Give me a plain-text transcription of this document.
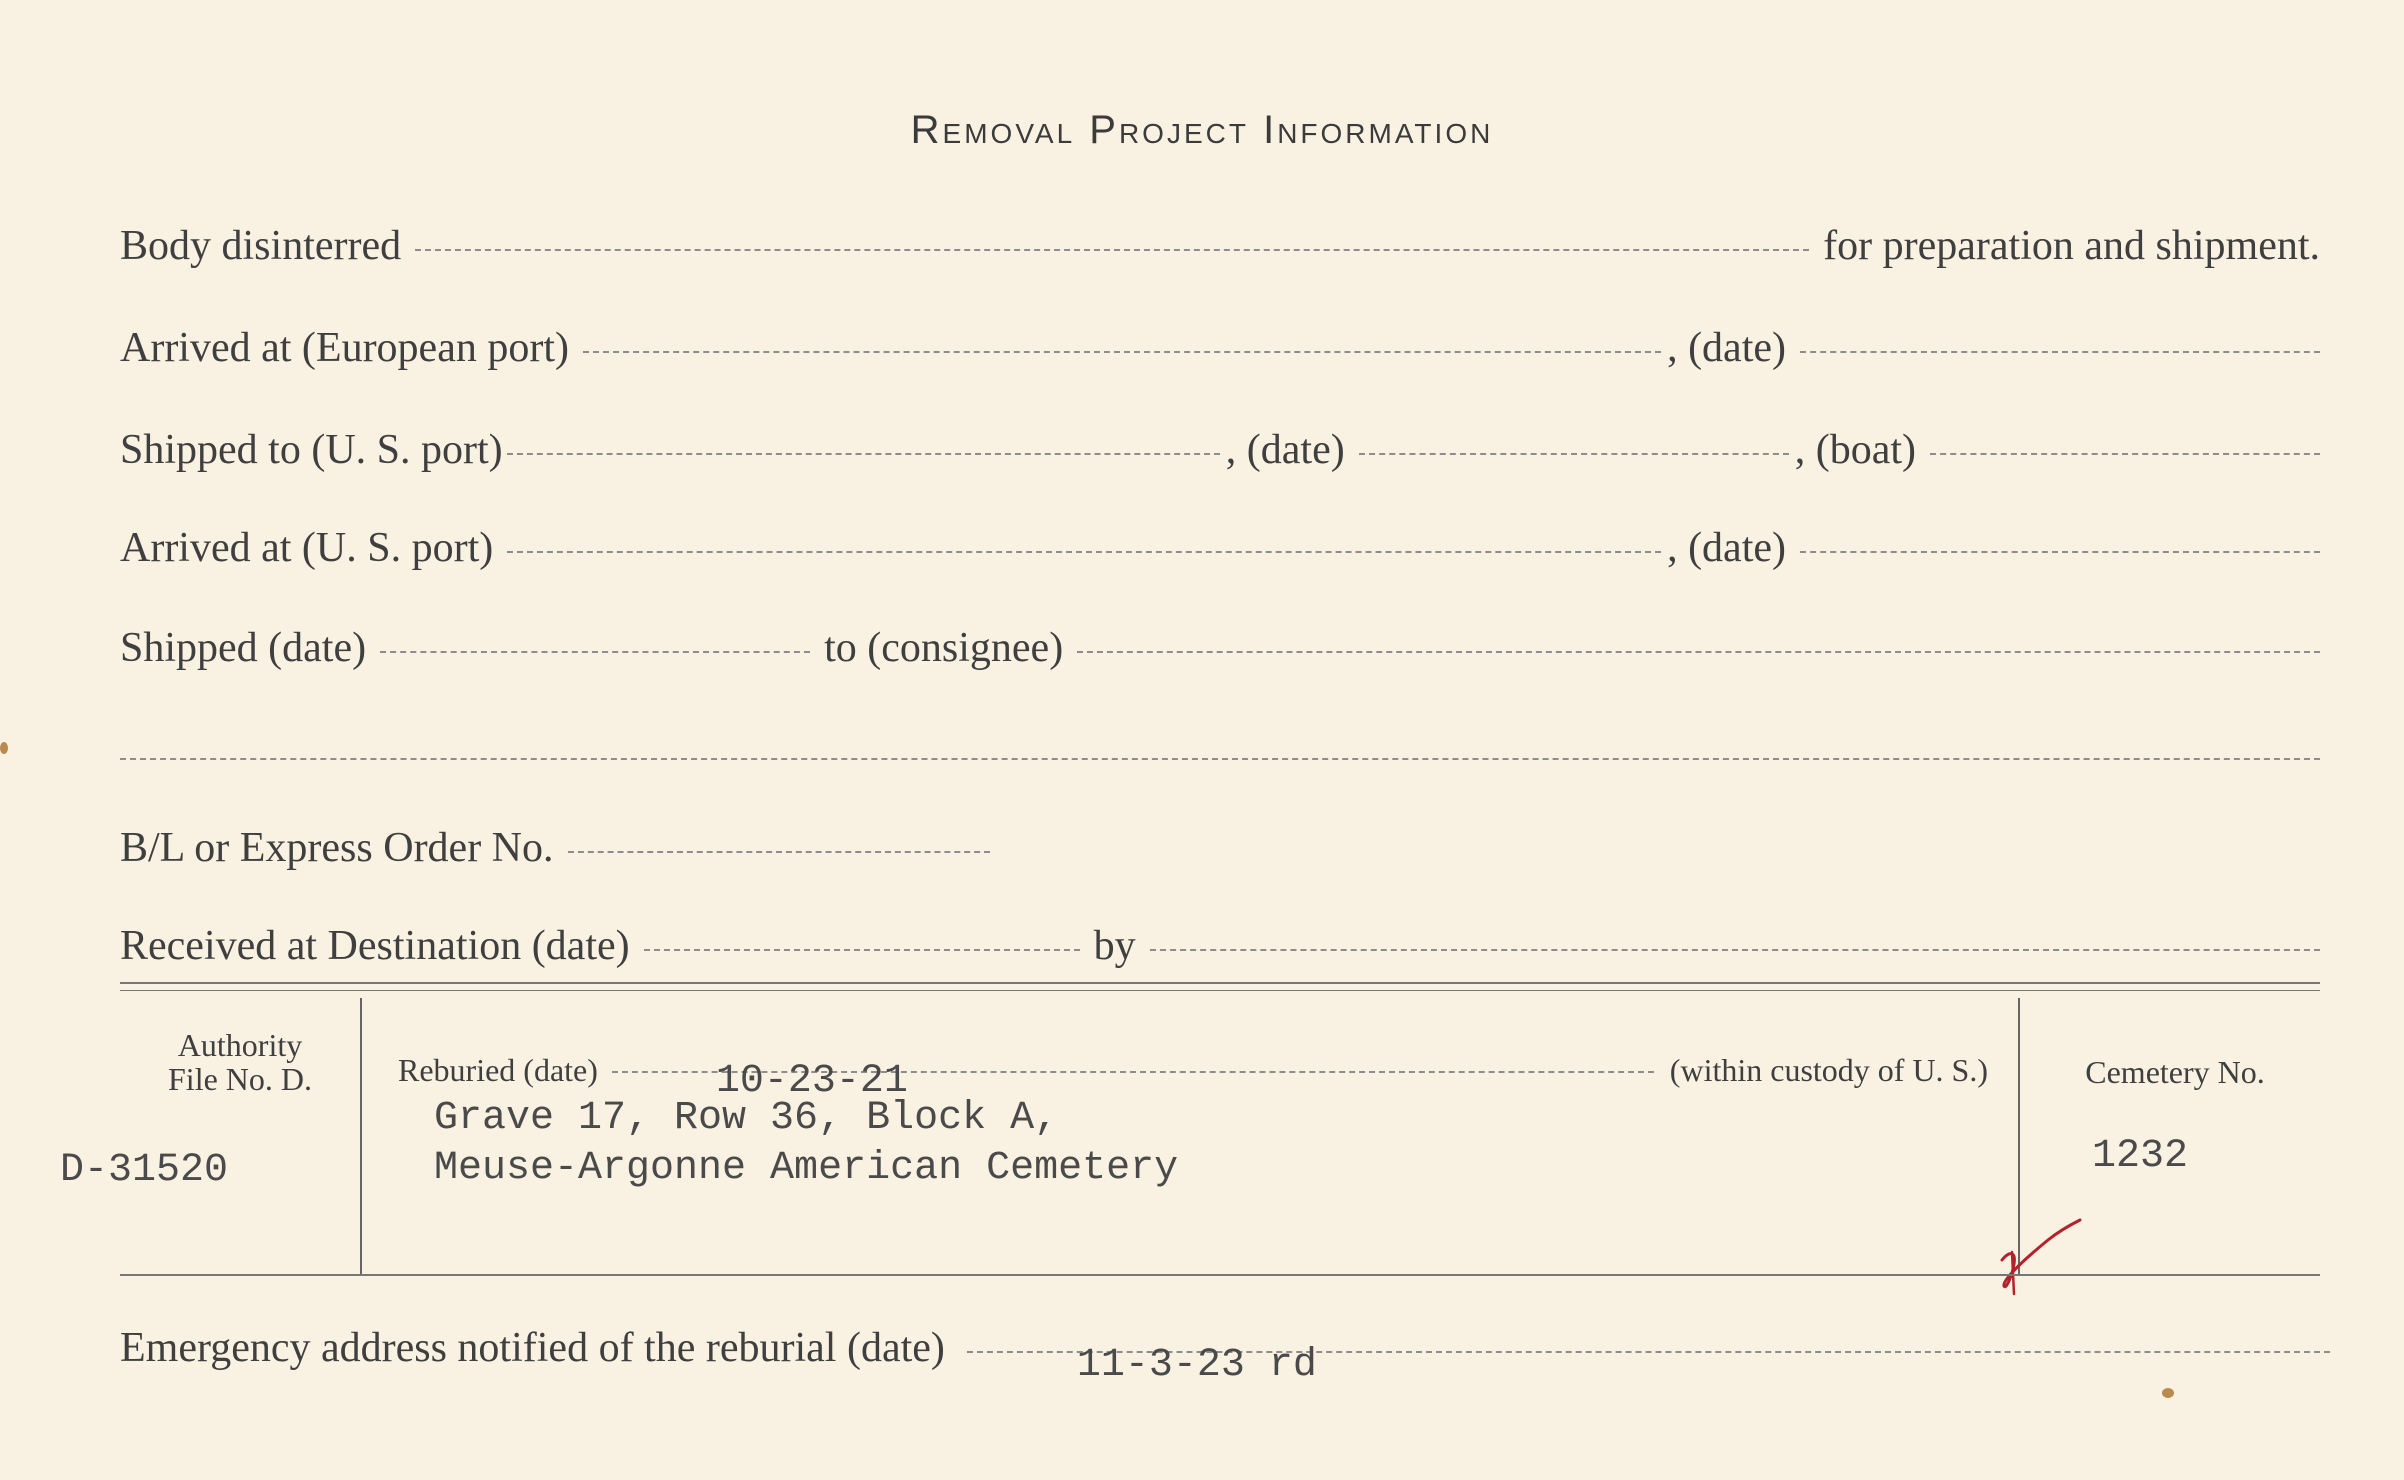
Removal Project Information
Body disinterred	for preparation and shipment.
Arrived at (European port)	, (date)
Shipped to (U. S. port)	, (date)	, (boat)
Arrived at (U. S. port)	, (date)
Shipped (date)	to (consignee)
B/L or Express Order No.
Received at Destination (date)	by
Authority
File No. D.
D-31520
Reburied (date)	10-23-21	(within custody of U. S.)
Grave 17, Row 36, Block A,
Meuse-Argonne American Cemetery
Cemetery No.
1232
Emergency address notified of the reburial (date)	11-3-23 rd
